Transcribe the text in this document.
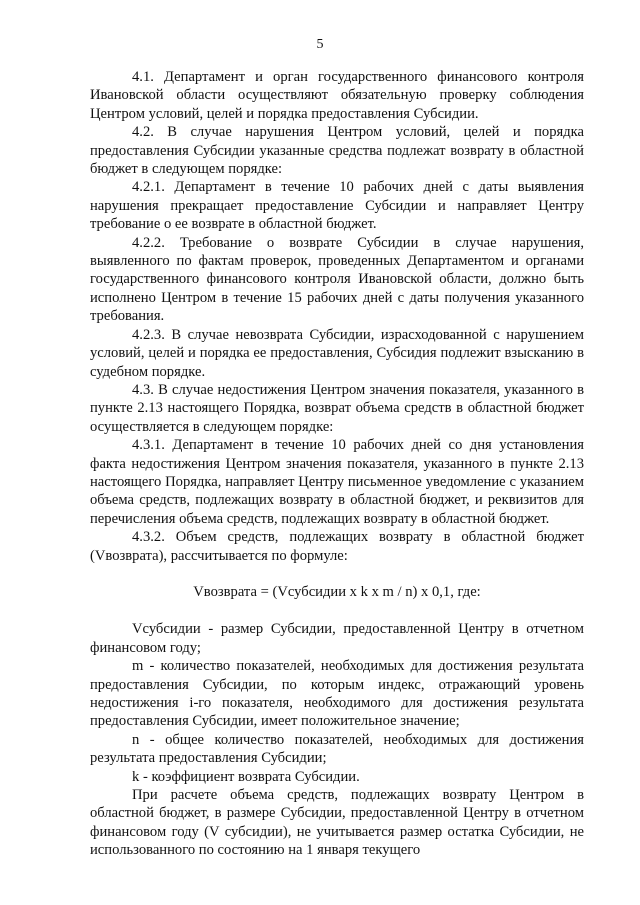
5

4.1. Департамент и орган государственного финансового контроля Ивановской области осуществляют обязательную проверку соблюдения Центром условий, целей и порядка предоставления Субсидии.

4.2. В случае нарушения Центром условий, целей и порядка предоставления Субсидии указанные средства подлежат возврату в областной бюджет в следующем порядке:

4.2.1. Департамент в течение 10 рабочих дней с даты выявления нарушения прекращает предоставление Субсидии и направляет Центру требование о ее возврате в областной бюджет.

4.2.2. Требование о возврате Субсидии в случае нарушения, выявленного по фактам проверок, проведенных Департаментом и органами государственного финансового контроля Ивановской области, должно быть исполнено Центром в течение 15 рабочих дней с даты получения указанного требования.

4.2.3. В случае невозврата Субсидии, израсходованной с нарушением условий, целей и порядка ее предоставления, Субсидия подлежит взысканию в судебном порядке.

4.3. В случае недостижения Центром значения показателя, указанного в пункте 2.13 настоящего Порядка, возврат объема средств в областной бюджет осуществляется в следующем порядке:

4.3.1. Департамент в течение 10 рабочих дней со дня установления факта недостижения Центром значения показателя, указанного в пункте 2.13 настоящего Порядка, направляет Центру письменное уведомление с указанием объема средств, подлежащих возврату в областной бюджет, и реквизитов для перечисления объема средств, подлежащих возврату в областной бюджет.

4.3.2. Объем средств, подлежащих возврату в областной бюджет (Vвозврата), рассчитывается по формуле:

Vвозврата = (Vсубсидии x k x m / n) x 0,1, где:

Vсубсидии - размер Субсидии, предоставленной Центру в отчетном финансовом году;

m - количество показателей, необходимых для достижения результата предоставления Субсидии, по которым индекс, отражающий уровень недостижения i-го показателя, необходимого для достижения результата предоставления Субсидии, имеет положительное значение;

n - общее количество показателей, необходимых для достижения результата предоставления Субсидии;

k - коэффициент возврата Субсидии.

При расчете объема средств, подлежащих возврату Центром в областной бюджет, в размере Субсидии, предоставленной Центру в отчетном финансовом году (V субсидии), не учитывается размер остатка Субсидии, не использованного по состоянию на 1 января текущего
